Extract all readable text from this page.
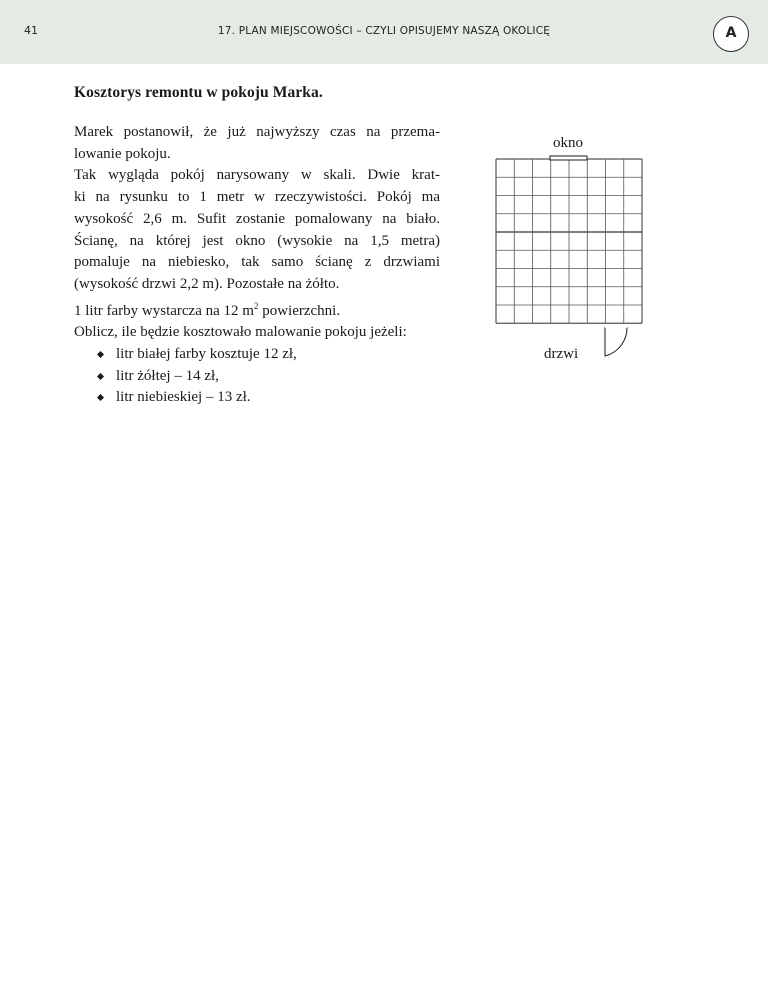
41	17. PLAN MIEJSCOWOŚCI – CZYLI OPISUJEMY NASZĄ OKOLICĘ	A
Kosztorys remontu w pokoju Marka.

Marek postanowił, że już najwyższy czas na przema-

lowanie pokoju.

Tak wygląda pokój narysowany w skali. Dwie krat-

ki na rysunku to 1 metr w rzeczywistości. Pokój ma

wysokość 2,6 m. Sufit zostanie pomalowany na biało.

Ścianę, na której jest okno (wysokie na 1,5 metra)

pomaluje na niebiesko, tak samo ścianę z drzwiami

(wysokość drzwi 2,2 m). Pozostałe na żółto.

1 litr farby wystarcza na 12 $m^2$ powierzchni.

Oblicz, ile będzie kosztowało malowanie pokoju jeżeli:

litr białej farby kosztuje 12 zł,
litr żółtej – 14 zł,
litr niebieskiej – 13 zł.
okno
drzwi
